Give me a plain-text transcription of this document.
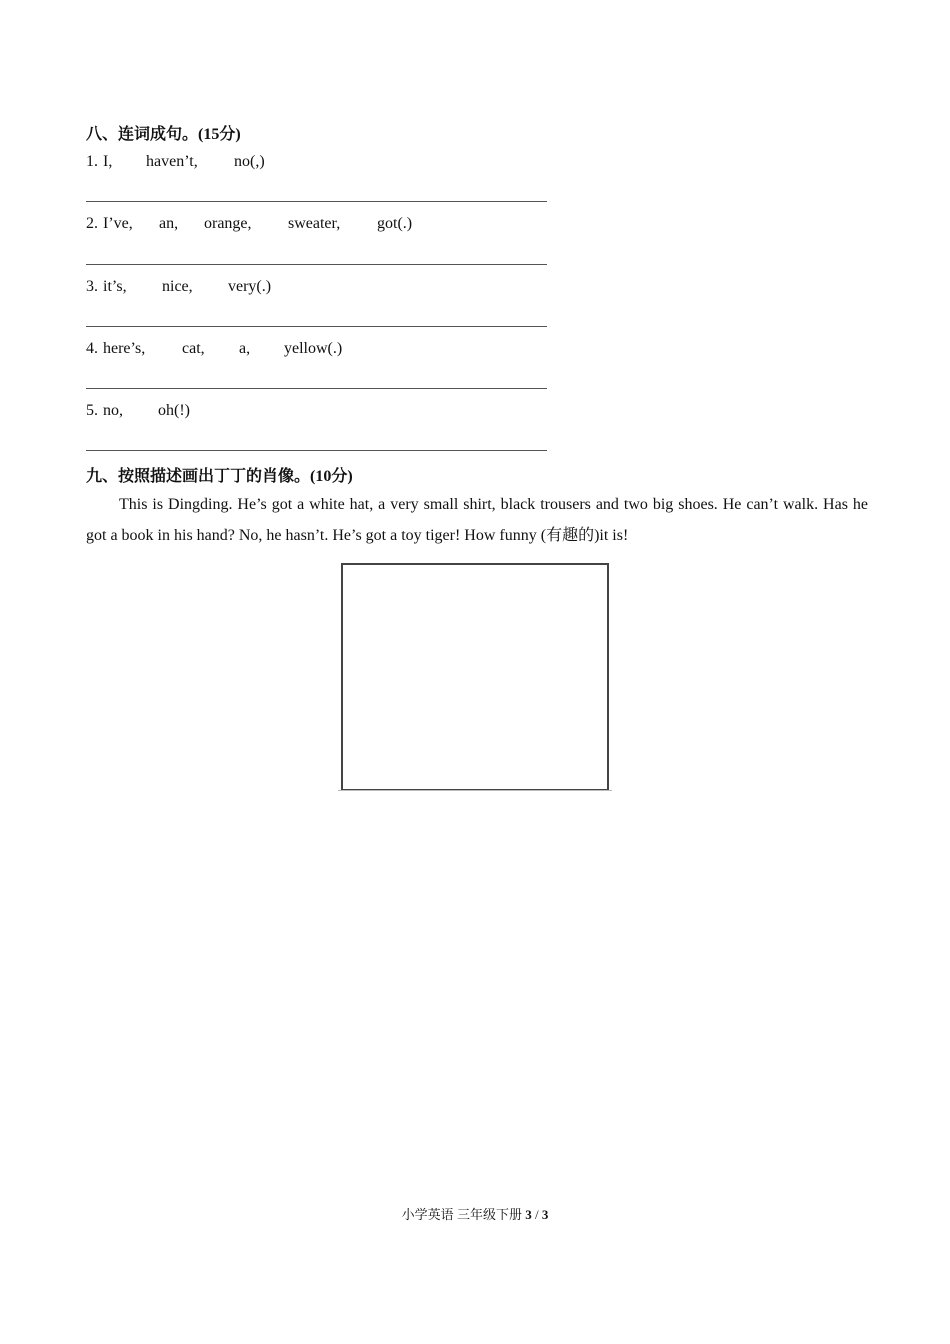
八、连词成句。(15分)
1. I, haven’t, no(,)
2. I’ve, an, orange, sweater, got(.)
3. it’s, nice, very(.)
4. here’s, cat, a, yellow(.)
5. no, oh(!)
九、按照描述画出丁丁的肖像。(10分)
This is Dingding. He’s got a white hat, a very small shirt, black trousers and two big shoes. He can’t walk. Has he got a book in his hand? No, he hasn’t. He’s got a toy tiger! How funny (有趣的)it is!
小学英语 三年级下册 3 / 3
